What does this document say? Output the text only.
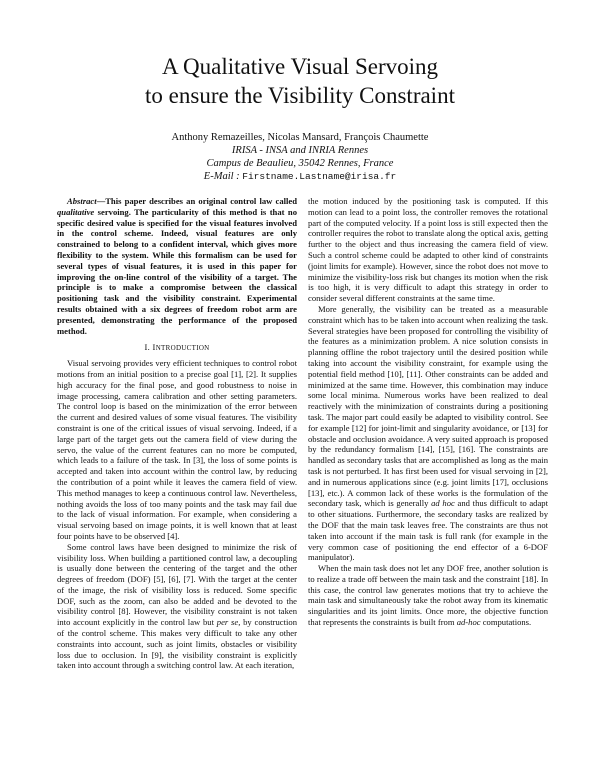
A Qualitative Visual Servoing
to ensure the Visibility Constraint
Anthony Remazeilles, Nicolas Mansard, François Chaumette
IRISA - INSA and INRIA Rennes
Campus de Beaulieu, 35042 Rennes, France
E-Mail : Firstname.Lastname@irisa.fr

Abstract—This paper describes an original control law called qualitative servoing. The particularity of this method is that no specific desired value is specified for the visual features involved in the control scheme. Indeed, visual features are only constrained to belong to a confident interval, which gives more flexibility to the system. While this formalism can be used for several types of visual features, it is used in this paper for improving the on-line control of the visibility of a target. The principle is to make a compromise between the classical positioning task and the visibility constraint. Experimental results obtained with a six degrees of freedom robot arm are presented, demonstrating the performance of the proposed method.

I. INTRODUCTION

Visual servoing provides very efficient techniques to control robot motions from an initial position to a precise goal [1], [2]. It supplies high accuracy for the final pose, and good robustness to noise in image processing, camera calibration and other setting parameters. The control loop is based on the minimization of the error between the current and desired values of some visual features. The visibility constraint is one of the critical issues of visual servoing. Indeed, if a large part of the target gets out the camera field of view during the servo, the value of the current features can no more be computed, which leads to a failure of the task. In [3], the loss of some points is accepted and taken into account within the control law, by reducing the contribution of a point while it leaves the camera field of view. This method manages to keep a continuous control law. Nevertheless, nothing avoids the loss of too many points and the task may fail due to the lack of visual information. For example, when considering a visual servoing based on image points, it is well known that at least four points have to be observed [4].

Some control laws have been designed to minimize the risk of visibility loss. When building a partitioned control law, a decoupling is usually done between the centering of the target and the other degrees of freedom (DOF) [5], [6], [7]. With the target at the center of the image, the risk of visibility loss is reduced. Some specific DOF, such as the zoom, can also be added and be devoted to the visibility control [8]. However, the visibility constraint is not taken into account explicitly in the control law but per se, by construction of the control scheme. This makes very difficult to take any other constraints into account, such as joint limits, obstacles or visibility loss due to occlusion. In [9], the visibility constraint is explicitly taken into account through a switching control law. At each iteration,

the motion induced by the positioning task is computed. If this motion can lead to a point loss, the controller removes the rotational part of the computed velocity. If a point loss is still expected then the controller requires the robot to translate along the optical axis, getting further to the object and thus increasing the camera field of view. Such a control scheme could be adapted to other kind of constraints (joint limits for example). However, since the robot does not move to minimize the visibility-loss risk but changes its motion when the risk is too high, it is very difficult to adapt this strategy in order to consider several different constraints at the same time.

More generally, the visibility can be treated as a measurable constraint which has to be taken into account when realizing the task. Several strategies have been proposed for controlling the visibility of the features as a minimization problem. A nice solution consists in planning offline the robot trajectory until the desired position while taking into account the visibility constraint, for example using the potential field method [10], [11]. Other constraints can be added and minimized at the same time. However, this combination may induce some local minima. Numerous works have been realized to deal reactively with the minimization of constraints during a positioning task. The major part could easily be adapted to visibility control. See for example [12] for joint-limit and singularity avoidance, or [13] for obstacle and occlusion avoidance. A very suited approach is proposed by the redundancy formalism [14], [15], [16]. The constraints are handled as secondary tasks that are accomplished as long as the main task is not perturbed. It has first been used for visual servoing in [2], and in numerous applications since (e.g. joint limits [17], occlusions [13], etc.). A common lack of these works is the formulation of the secondary task, which is generally ad hoc and thus difficult to adapt to other situations. Furthermore, the secondary tasks are realized by the DOF that the main task leaves free. The constraints are thus not taken into account if the main task is full rank (for example in the very common case of positioning the end effector of a 6-DOF manipulator).

When the main task does not let any DOF free, another solution is to realize a trade off between the main task and the constraint [18]. In this case, the control law generates motions that try to achieve the main task and simultaneously take the robot away from its kinematic singularities and its joint limits. Once more, the objective function that represents the constraints is built from ad-hoc computations.
